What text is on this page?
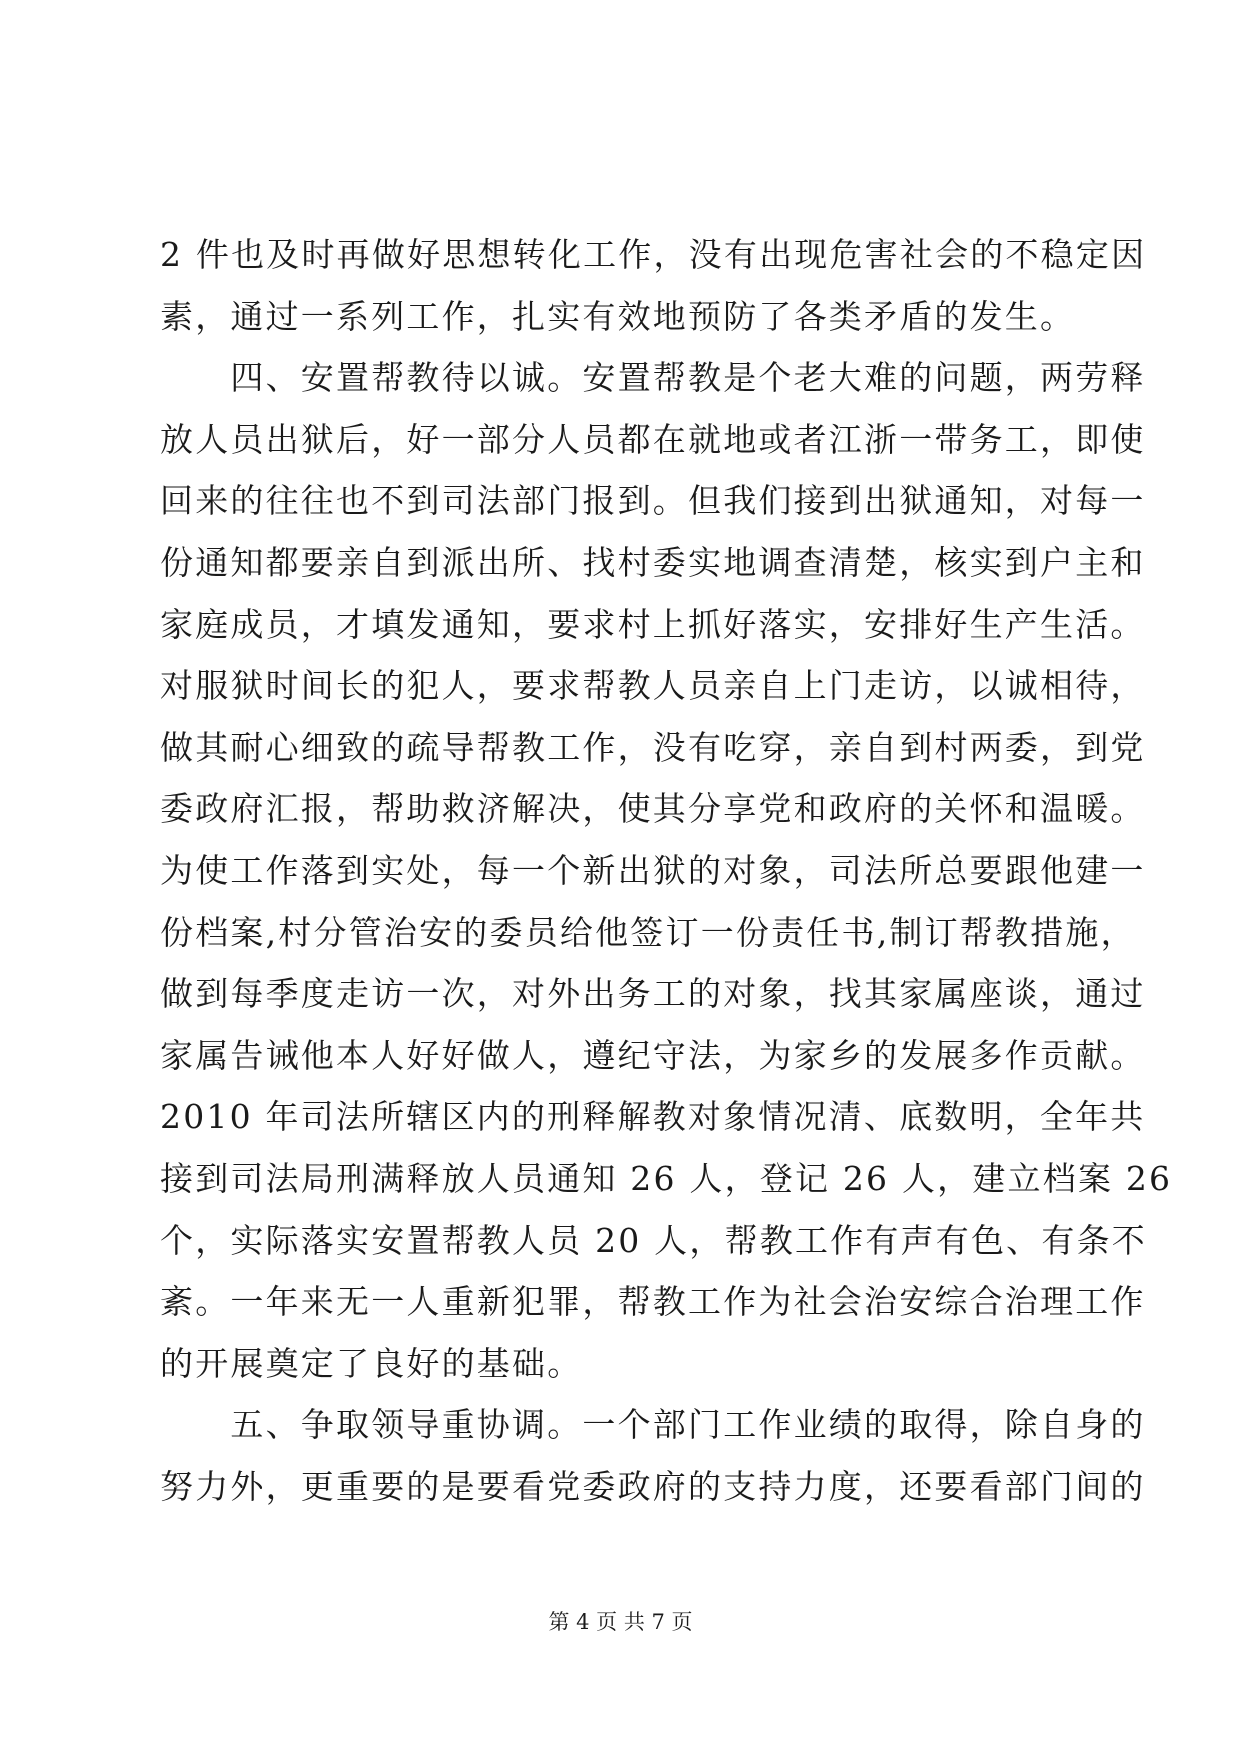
2 件也及时再做好思想转化工作，没有出现危害社会的不稳定因
素，通过一系列工作，扎实有效地预防了各类矛盾的发生。
　　四、安置帮教待以诚。安置帮教是个老大难的问题，两劳释
放人员出狱后，好一部分人员都在就地或者江浙一带务工，即使
回来的往往也不到司法部门报到。但我们接到出狱通知，对每一
份通知都要亲自到派出所、找村委实地调查清楚，核实到户主和
家庭成员，才填发通知，要求村上抓好落实，安排好生产生活。
对服狱时间长的犯人，要求帮教人员亲自上门走访，以诚相待，
做其耐心细致的疏导帮教工作，没有吃穿，亲自到村两委，到党
委政府汇报，帮助救济解决，使其分享党和政府的关怀和温暖。
为使工作落到实处，每一个新出狱的对象，司法所总要跟他建一
份档案,村分管治安的委员给他签订一份责任书,制订帮教措施，
做到每季度走访一次，对外出务工的对象，找其家属座谈，通过
家属告诫他本人好好做人，遵纪守法，为家乡的发展多作贡献。
2010 年司法所辖区内的刑释解教对象情况清、底数明，全年共
接到司法局刑满释放人员通知 26 人，登记 26 人，建立档案 26
个，实际落实安置帮教人员 20 人，帮教工作有声有色、有条不
紊。一年来无一人重新犯罪，帮教工作为社会治安综合治理工作
的开展奠定了良好的基础。
　　五、争取领导重协调。一个部门工作业绩的取得，除自身的
努力外，更重要的是要看党委政府的支持力度，还要看部门间的
第 4 页 共 7 页
